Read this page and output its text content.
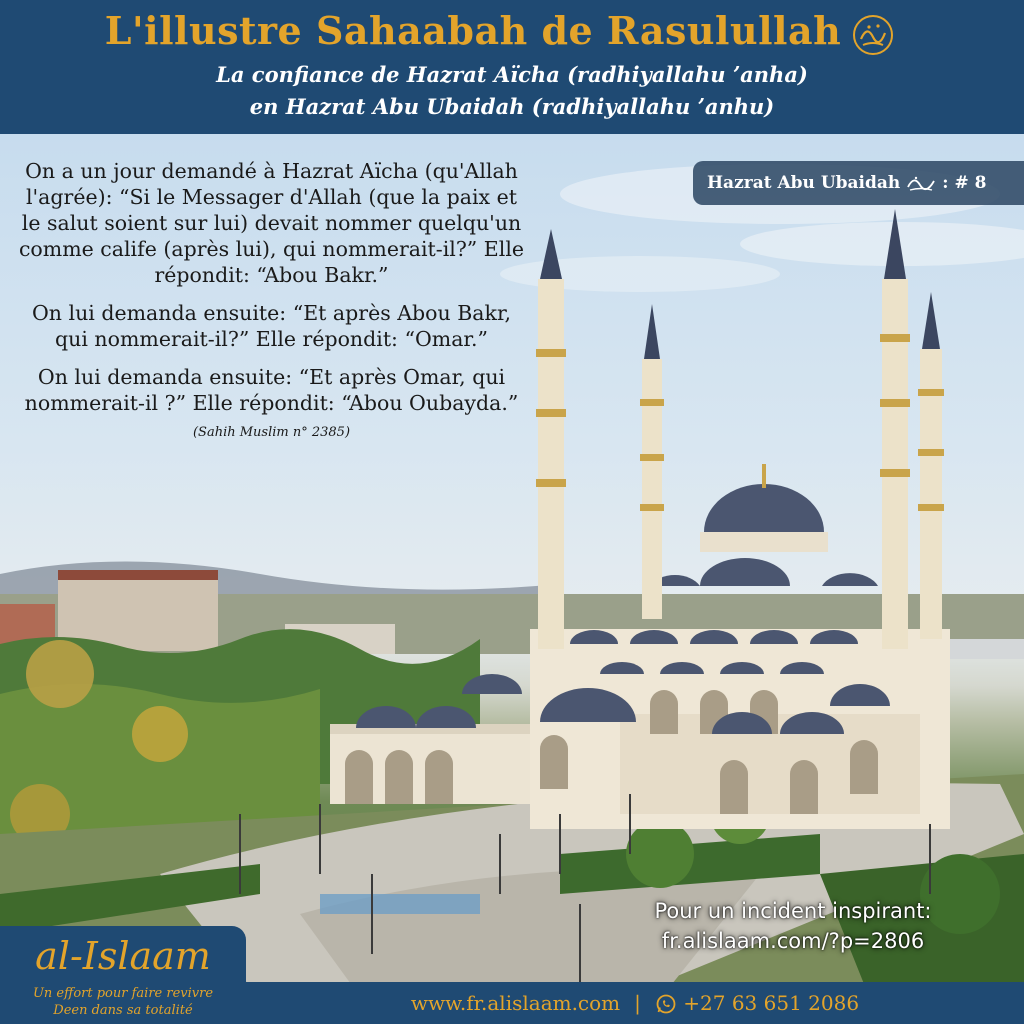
L'illustre Sahaabah de Rasulullah
La confiance de Hazrat Aïcha (radhiyallahu ʼanha)
en Hazrat Abu Ubaidah (radhiyallahu ʼanhu)
Hazrat Abu Ubaidah : # 8

On a un jour demandé à Hazrat Aïcha (qu'Allah l'agrée): “Si le Messager d'Allah (que la paix et le salut soient sur lui) devait nommer quelqu'un comme calife (après lui), qui nommerait-il?” Elle répondit: “Abou Bakr.”

On lui demanda ensuite: “Et après Abou Bakr, qui nommerait-il?” Elle répondit: “Omar.”

On lui demanda ensuite: “Et après Omar, qui nommerait-il ?” Elle répondit: “Abou Oubayda.” (Sahih Muslim n° 2385)

Pour un incident inspirant:
fr.alislaam.com/?p=2806
al-Islaam
Un effort pour faire revivre
Deen dans sa totalité	www.fr.alislaam.com |	+27 63 651 2086
